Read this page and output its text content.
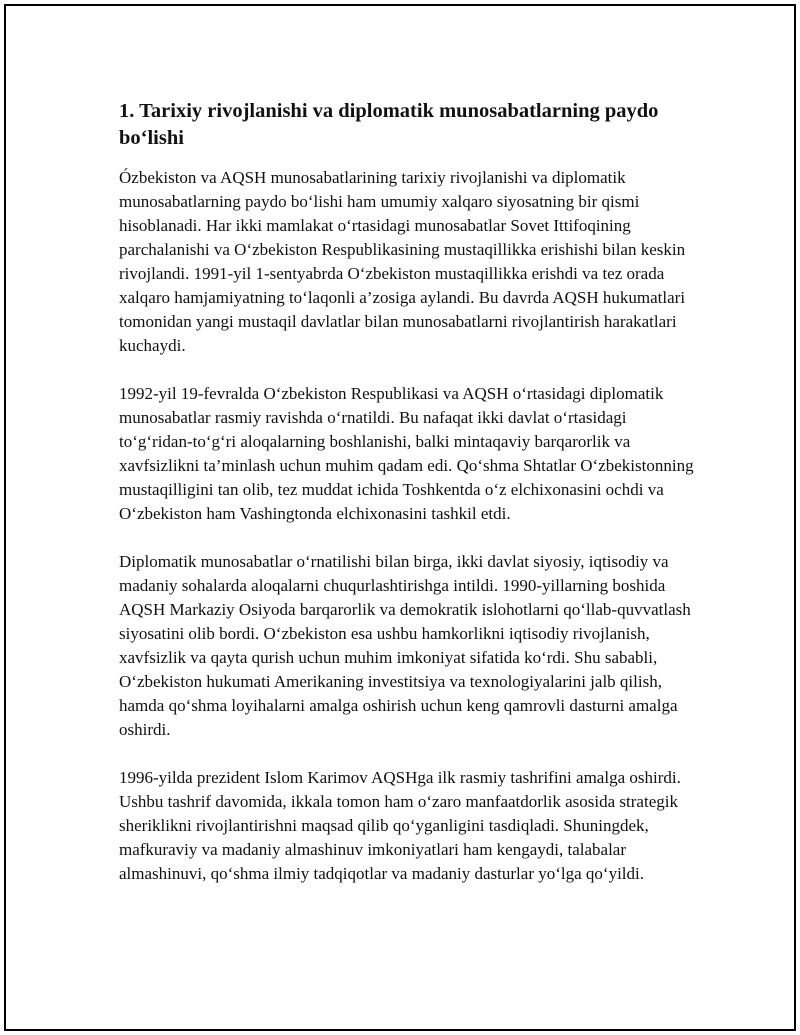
1. Tarixiy rivojlanishi va diplomatik munosabatlarning paydo bo‘lishi

Ózbekiston va AQSH munosabatlarining tarixiy rivojlanishi va diplomatik munosabatlarning paydo bo‘lishi ham umumiy xalqaro siyosatning bir qismi hisoblanadi. Har ikki mamlakat o‘rtasidagi munosabatlar Sovet Ittifoqining parchalanishi va O‘zbekiston Respublikasining mustaqillikka erishishi bilan keskin rivojlandi. 1991-yil 1-sentyabrda O‘zbekiston mustaqillikka erishdi va tez orada xalqaro hamjamiyatning to‘laqonli a’zosiga aylandi. Bu davrda AQSH hukumatlari tomonidan yangi mustaqil davlatlar bilan munosabatlarni rivojlantirish harakatlari kuchaydi.

1992-yil 19-fevralda O‘zbekiston Respublikasi va AQSH o‘rtasidagi diplomatik munosabatlar rasmiy ravishda o‘rnatildi. Bu nafaqat ikki davlat o‘rtasidagi to‘g‘ridan-to‘g‘ri aloqalarning boshlanishi, balki mintaqaviy barqarorlik va xavfsizlikni ta’minlash uchun muhim qadam edi. Qo‘shma Shtatlar O‘zbekistonning mustaqilligini tan olib, tez muddat ichida Toshkentda o‘z elchixonasini ochdi va O‘zbekiston ham Vashingtonda elchixonasini tashkil etdi.

Diplomatik munosabatlar o‘rnatilishi bilan birga, ikki davlat siyosiy, iqtisodiy va madaniy sohalarda aloqalarni chuqurlashtirishga intildi. 1990-yillarning boshida AQSH Markaziy Osiyoda barqarorlik va demokratik islohotlarni qo‘llab-quvvatlash siyosatini olib bordi. O‘zbekiston esa ushbu hamkorlikni iqtisodiy rivojlanish, xavfsizlik va qayta qurish uchun muhim imkoniyat sifatida ko‘rdi. Shu sababli, O‘zbekiston hukumati Amerikaning investitsiya va texnologiyalarini jalb qilish, hamda qo‘shma loyihalarni amalga oshirish uchun keng qamrovli dasturni amalga oshirdi.

1996-yilda prezident Islom Karimov AQSHga ilk rasmiy tashrifini amalga oshirdi. Ushbu tashrif davomida, ikkala tomon ham o‘zaro manfaatdorlik asosida strategik sheriklikni rivojlantirishni maqsad qilib qo‘yganligini tasdiqladi. Shuningdek, mafkuraviy va madaniy almashinuv imkoniyatlari ham kengaydi, talabalar almashinuvi, qo‘shma ilmiy tadqiqotlar va madaniy dasturlar yo‘lga qo‘yildi.
